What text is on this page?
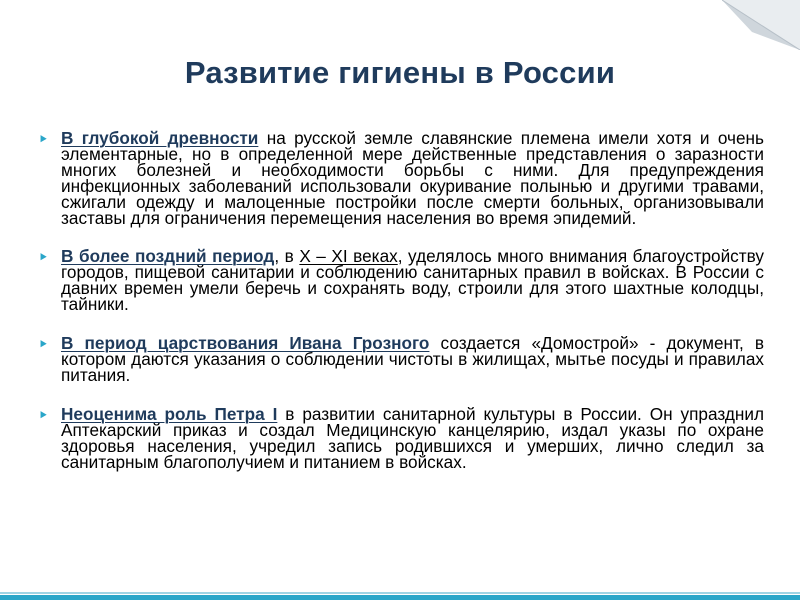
Развитие гигиены в России

⯈ В глубокой древности на русской земле славянские племена имели хотя и очень элементарные, но в определенной мере действенные представления о заразности многих болезней и необходимости борьбы с ними. Для предупреждения инфекционных заболеваний использовали окуривание полынью и другими травами, сжигали одежду и малоценные постройки после смерти больных, организовывали заставы для ограничения перемещения населения во время эпидемий.

⯈ В более поздний период, в X – XI веках, уделялось много внимания благоустройству городов, пищевой санитарии и соблюдению санитарных правил в войсках. В России с давних времен умели беречь и сохранять воду, строили для этого шахтные колодцы, тайники.

⯈ В период царствования Ивана Грозного создается «Домострой» - документ, в котором даются указания о соблюдении чистоты в жилищах, мытье посуды и правилах питания.

⯈ Неоценима роль Петра I в развитии санитарной культуры в России. Он упразднил Аптекарский приказ и создал Медицинскую канцелярию, издал указы по охране здоровья населения, учредил запись родившихся и умерших, лично следил за санитарным благополучием и питанием в войсках.
